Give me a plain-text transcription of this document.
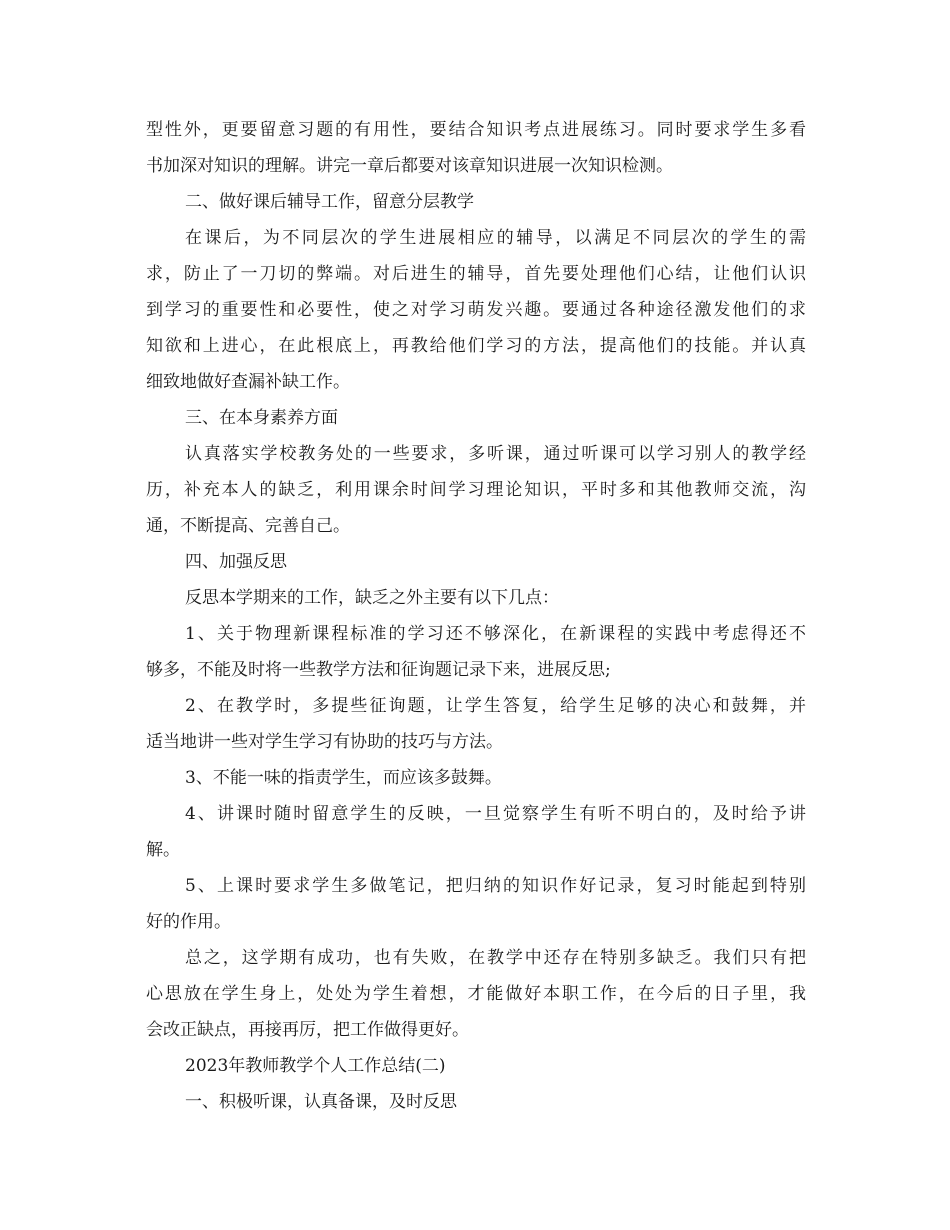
型性外，更要留意习题的有用性，要结合知识考点进展练习。同时要求学生多看
书加深对知识的理解。讲完一章后都要对该章知识进展一次知识检测。
二、做好课后辅导工作，留意分层教学
在课后，为不同层次的学生进展相应的辅导，以满足不同层次的学生的需
求，防止了一刀切的弊端。对后进生的辅导，首先要处理他们心结，让他们认识
到学习的重要性和必要性，使之对学习萌发兴趣。要通过各种途径激发他们的求
知欲和上进心，在此根底上，再教给他们学习的方法，提高他们的技能。并认真
细致地做好查漏补缺工作。
三、在本身素养方面
认真落实学校教务处的一些要求，多听课，通过听课可以学习别人的教学经
历，补充本人的缺乏，利用课余时间学习理论知识，平时多和其他教师交流，沟
通，不断提高、完善自己。
四、加强反思
反思本学期来的工作，缺乏之外主要有以下几点：
1、关于物理新课程标准的学习还不够深化，在新课程的实践中考虑得还不
够多，不能及时将一些教学方法和征询题记录下来，进展反思;
2、在教学时，多提些征询题，让学生答复，给学生足够的决心和鼓舞，并
适当地讲一些对学生学习有协助的技巧与方法。
3、不能一味的指责学生，而应该多鼓舞。
4、讲课时随时留意学生的反映，一旦觉察学生有听不明白的，及时给予讲
解。
5、上课时要求学生多做笔记，把归纳的知识作好记录，复习时能起到特别
好的作用。
总之，这学期有成功，也有失败，在教学中还存在特别多缺乏。我们只有把
心思放在学生身上，处处为学生着想，才能做好本职工作，在今后的日子里，我
会改正缺点，再接再厉，把工作做得更好。
2023年教师教学个人工作总结(二)
一、积极听课，认真备课，及时反思
